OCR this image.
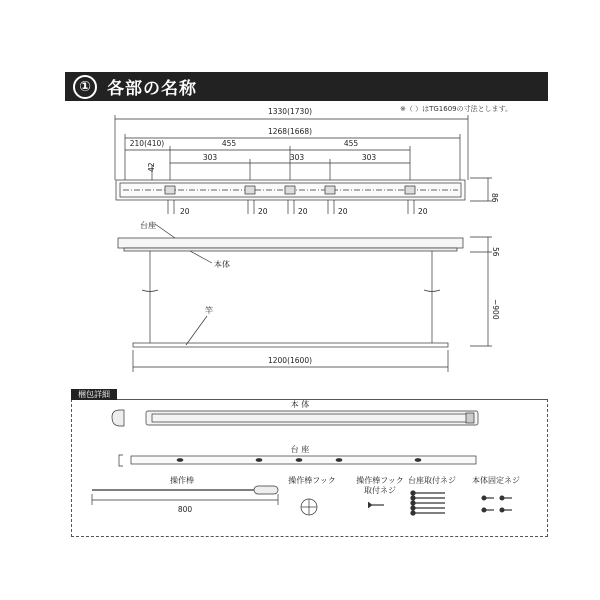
① 各部の名称
※（ ）はTG1609の寸法とします。
1330(1730)
1268(1668)
210(410)	455	455
303	303	303
42
20	20	20	20	20
86
56
~900
1200(1600)
800
台座
本体
竿
本 体
台 座
操作棒	操作棒フック	操作棒フック取付ネジ
台座取付ネジ 本体固定ネジ
梱包詳細
